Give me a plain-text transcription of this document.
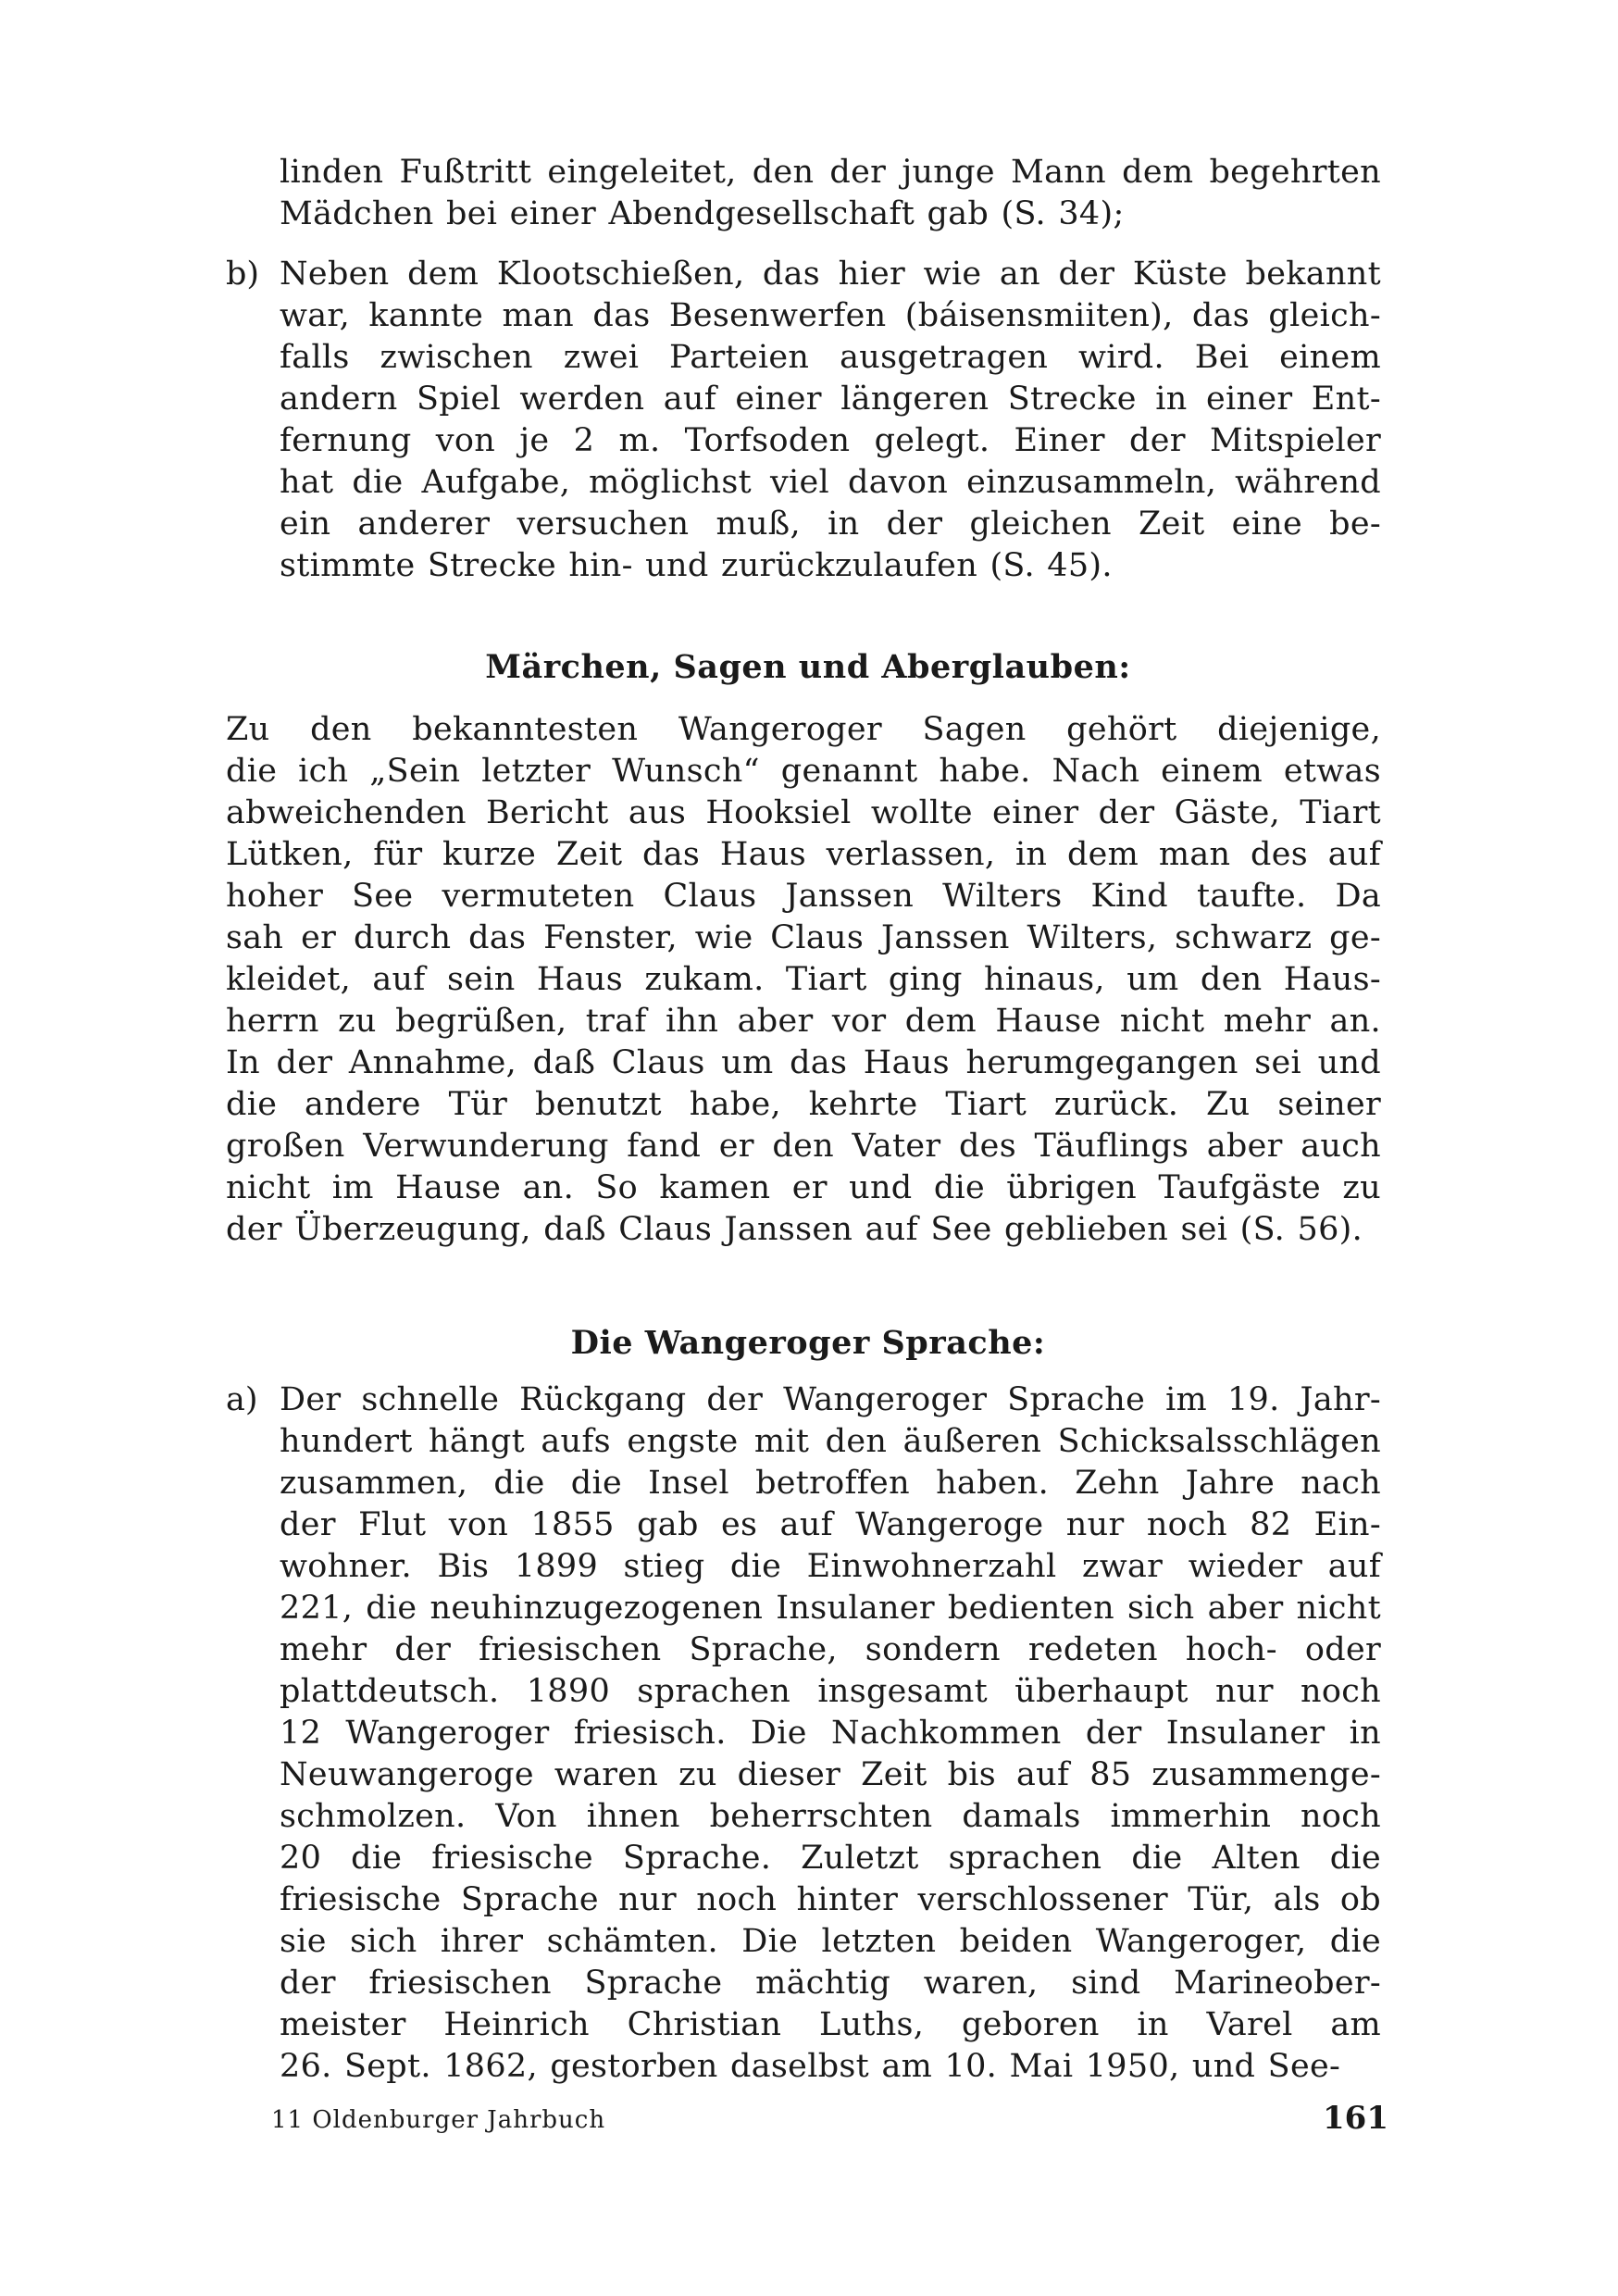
linden Fußtritt eingeleitet, den der junge Mann dem begehrten
Mädchen bei einer Abendgesellschaft gab (S. 34);
b) Neben dem Klootschießen, das hier wie an der Küste bekannt
war, kannte man das Besenwerfen (báisensmiiten), das gleich-
falls zwischen zwei Parteien ausgetragen wird. Bei einem
andern Spiel werden auf einer längeren Strecke in einer Ent-
fernung von je 2 m. Torfsoden gelegt. Einer der Mitspieler
hat die Aufgabe, möglichst viel davon einzusammeln, während
ein anderer versuchen muß, in der gleichen Zeit eine be-
stimmte Strecke hin- und zurückzulaufen (S. 45).
Märchen, Sagen und Aberglauben:
Zu den bekanntesten Wangeroger Sagen gehört diejenige,
die ich „Sein letzter Wunsch“ genannt habe. Nach einem etwas
abweichenden Bericht aus Hooksiel wollte einer der Gäste, Tiart
Lütken, für kurze Zeit das Haus verlassen, in dem man des auf
hoher See vermuteten Claus Janssen Wilters Kind taufte. Da
sah er durch das Fenster, wie Claus Janssen Wilters, schwarz ge-
kleidet, auf sein Haus zukam. Tiart ging hinaus, um den Haus-
herrn zu begrüßen, traf ihn aber vor dem Hause nicht mehr an.
In der Annahme, daß Claus um das Haus herumgegangen sei und
die andere Tür benutzt habe, kehrte Tiart zurück. Zu seiner
großen Verwunderung fand er den Vater des Täuflings aber auch
nicht im Hause an. So kamen er und die übrigen Taufgäste zu
der Überzeugung, daß Claus Janssen auf See geblieben sei (S. 56).
Die Wangeroger Sprache:
a) Der schnelle Rückgang der Wangeroger Sprache im 19. Jahr-
hundert hängt aufs engste mit den äußeren Schicksalsschlägen
zusammen, die die Insel betroffen haben. Zehn Jahre nach
der Flut von 1855 gab es auf Wangeroge nur noch 82 Ein-
wohner. Bis 1899 stieg die Einwohnerzahl zwar wieder auf
221, die neuhinzugezogenen Insulaner bedienten sich aber nicht
mehr der friesischen Sprache, sondern redeten hoch- oder
plattdeutsch. 1890 sprachen insgesamt überhaupt nur noch
12 Wangeroger friesisch. Die Nachkommen der Insulaner in
Neuwangeroge waren zu dieser Zeit bis auf 85 zusammenge-
schmolzen. Von ihnen beherrschten damals immerhin noch
20 die friesische Sprache. Zuletzt sprachen die Alten die
friesische Sprache nur noch hinter verschlossener Tür, als ob
sie sich ihrer schämten. Die letzten beiden Wangeroger, die
der friesischen Sprache mächtig waren, sind Marineober-
meister Heinrich Christian Luths, geboren in Varel am
26. Sept. 1862, gestorben daselbst am 10. Mai 1950, und See-
11 Oldenburger Jahrbuch	161
